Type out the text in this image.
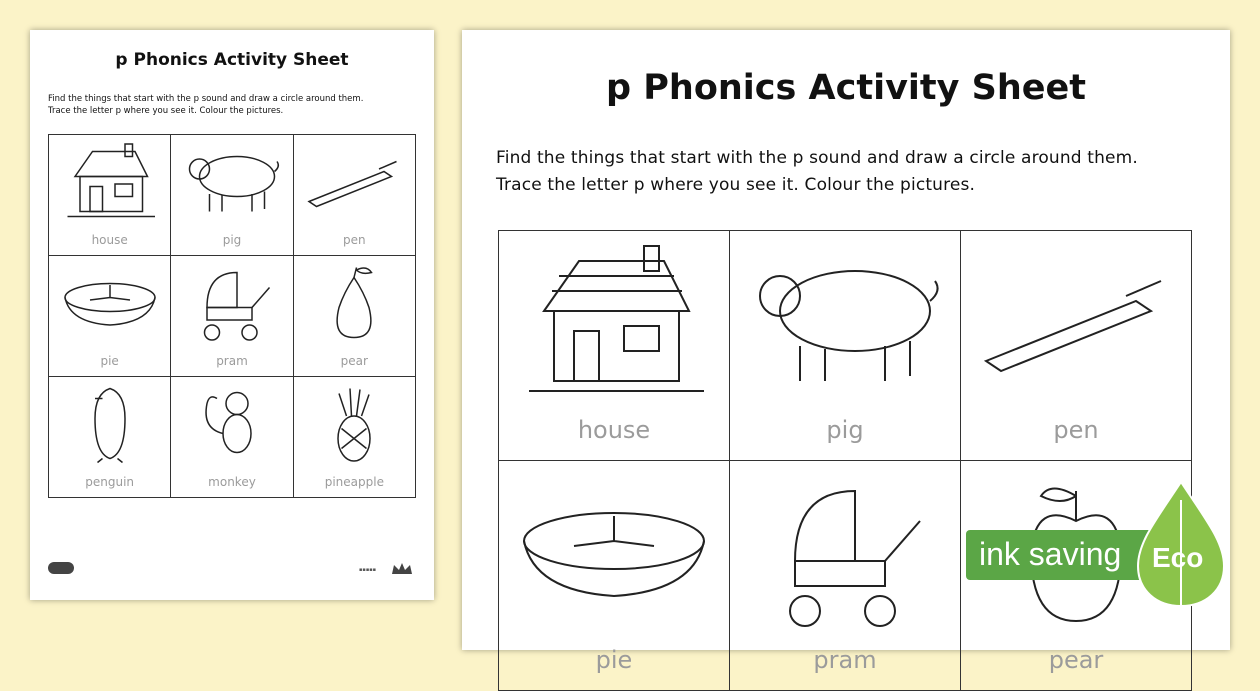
p Phonics Activity Sheet
Find the things that start with the p sound and draw a circle around them.
Trace the letter p where you see it. Colour the pictures.
house	pig	pen

pie	pram	pear

penguin	monkey	pineapple
▪▪▪▪▪
p Phonics Activity Sheet
Find the things that start with the p sound and draw a circle around them.
Trace the letter p where you see it. Colour the pictures.
house	pig	pen

pie	pram	pear
ink saving Eco
